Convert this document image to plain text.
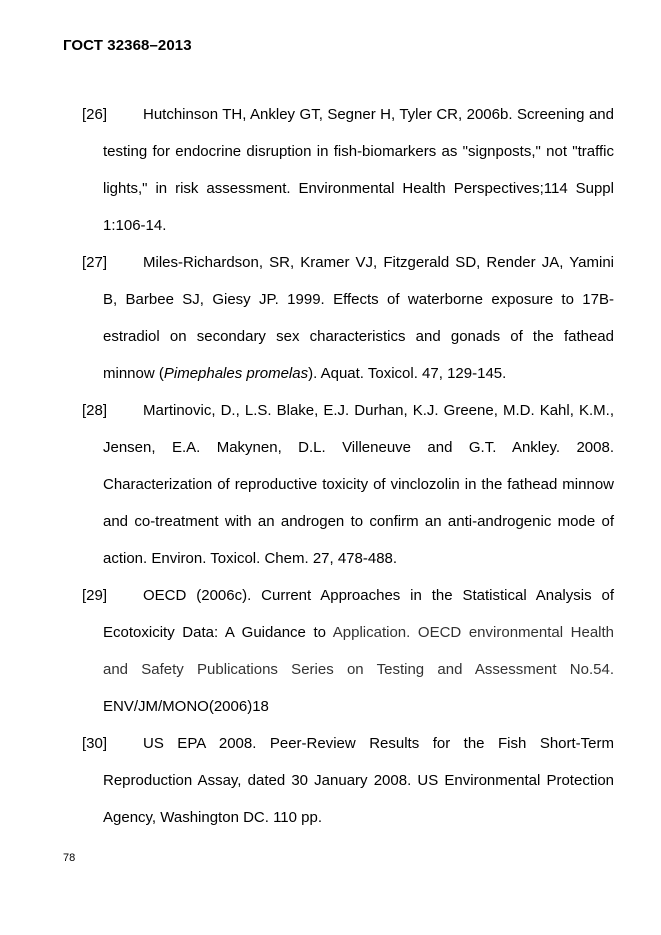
ГОСТ 32368–2013
[26]	Hutchinson TH, Ankley GT, Segner H, Tyler CR, 2006b. Screening and testing for endocrine disruption in fish-biomarkers as "signposts," not "traffic lights," in risk assessment. Environmental Health Perspectives;114 Suppl 1:106-14.
[27]	Miles-Richardson, SR, Kramer VJ, Fitzgerald SD, Render JA, Yamini B, Barbee SJ, Giesy JP. 1999. Effects of waterborne exposure to 17B-estradiol on secondary sex characteristics and gonads of the fathead minnow (Pimephales promelas). Aquat. Toxicol. 47, 129-145.
[28]	Martinovic, D., L.S. Blake, E.J. Durhan, K.J. Greene, M.D. Kahl, K.M., Jensen, E.A. Makynen, D.L. Villeneuve and G.T. Ankley. 2008. Characterization of reproductive toxicity of vinclozolin in the fathead minnow and co-treatment with an androgen to confirm an anti-androgenic mode of action. Environ. Toxicol. Chem. 27, 478-488.
[29]	OECD (2006c). Current Approaches in the Statistical Analysis of Ecotoxicity Data: A Guidance to Application. OECD environmental Health and Safety Publications Series on Testing and Assessment No.54. ENV/JM/MONO(2006)18
[30]	US EPA 2008. Peer-Review Results for the Fish Short-Term Reproduction Assay, dated 30 January 2008. US Environmental Protection Agency, Washington DC. 110 pp.
78
